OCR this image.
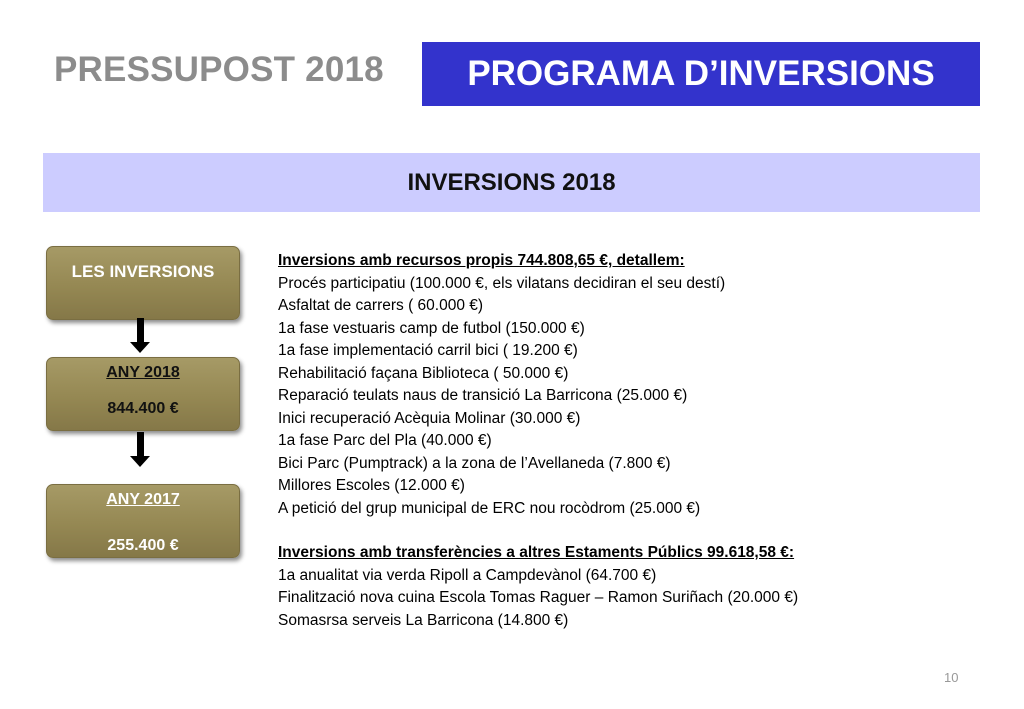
PRESSUPOST 2018 PROGRAMA D’INVERSIONS
INVERSIONS 2018
LES INVERSIONS
ANY 2018
844.400 €
ANY 2017
255.400 €
Inversions amb recursos propis 744.808,65 €, detallem:
Procés participatiu (100.000 €, els vilatans decidiran el seu destí)
Asfaltat de carrers ( 60.000 €)
1a fase vestuaris camp de futbol (150.000 €)
1a fase implementació carril bici ( 19.200 €)
Rehabilitació façana Biblioteca ( 50.000 €)
Reparació teulats naus de transició La Barricona (25.000 €)
Inici recuperació Acèquia Molinar (30.000 €)
1a fase Parc del Pla (40.000 €)
Bici Parc (Pumptrack) a la zona de l’Avellaneda (7.800 €)
Millores Escoles (12.000 €)
A petició del grup municipal de ERC nou rocòdrom (25.000 €)
Inversions amb transferències a altres Estaments Públics 99.618,58 €:
1a anualitat via verda Ripoll a Campdevànol (64.700 €)
Finalització nova cuina Escola Tomas Raguer – Ramon Suriñach (20.000 €)
Somasrsa serveis La Barricona (14.800 €)
10
